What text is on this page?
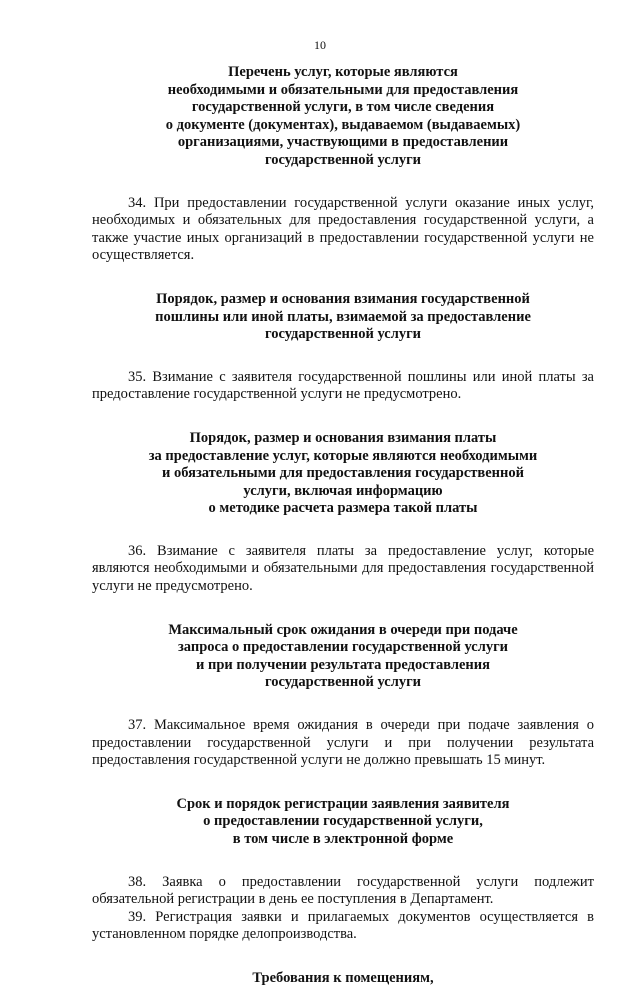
10
Перечень услуг, которые являются
необходимыми и обязательными для предоставления
государственной услуги, в том числе сведения
о документе (документах), выдаваемом (выдаваемых)
организациями, участвующими в предоставлении
государственной услуги

34. При предоставлении государственной услуги оказание иных услуг, необходимых и обязательных для предоставления государственной услуги, а также участие иных организаций в предоставлении государственной услуги не осуществляется.

Порядок, размер и основания взимания государственной
пошлины или иной платы, взимаемой за предоставление
государственной услуги

35. Взимание с заявителя государственной пошлины или иной платы за предоставление государственной услуги не предусмотрено.

Порядок, размер и основания взимания платы
за предоставление услуг, которые являются необходимыми
и обязательными для предоставления государственной
услуги, включая информацию
о методике расчета размера такой платы

36. Взимание с заявителя платы за предоставление услуг, которые являются необходимыми и обязательными для предоставления государственной услуги не предусмотрено.

Максимальный срок ожидания в очереди при подаче
запроса о предоставлении государственной услуги
и при получении результата предоставления
государственной услуги

37. Максимальное время ожидания в очереди при подаче заявления о предоставлении государственной услуги и при получении результата предоставления государственной услуги не должно превышать 15 минут.

Срок и порядок регистрации заявления заявителя
о предоставлении государственной услуги,
в том числе в электронной форме

38. Заявка о предоставлении государственной услуги подлежит обязательной регистрации в день ее поступления в Департамент.

39. Регистрация заявки и прилагаемых документов осуществляется в установленном порядке делопроизводства.

Требования к помещениям,
